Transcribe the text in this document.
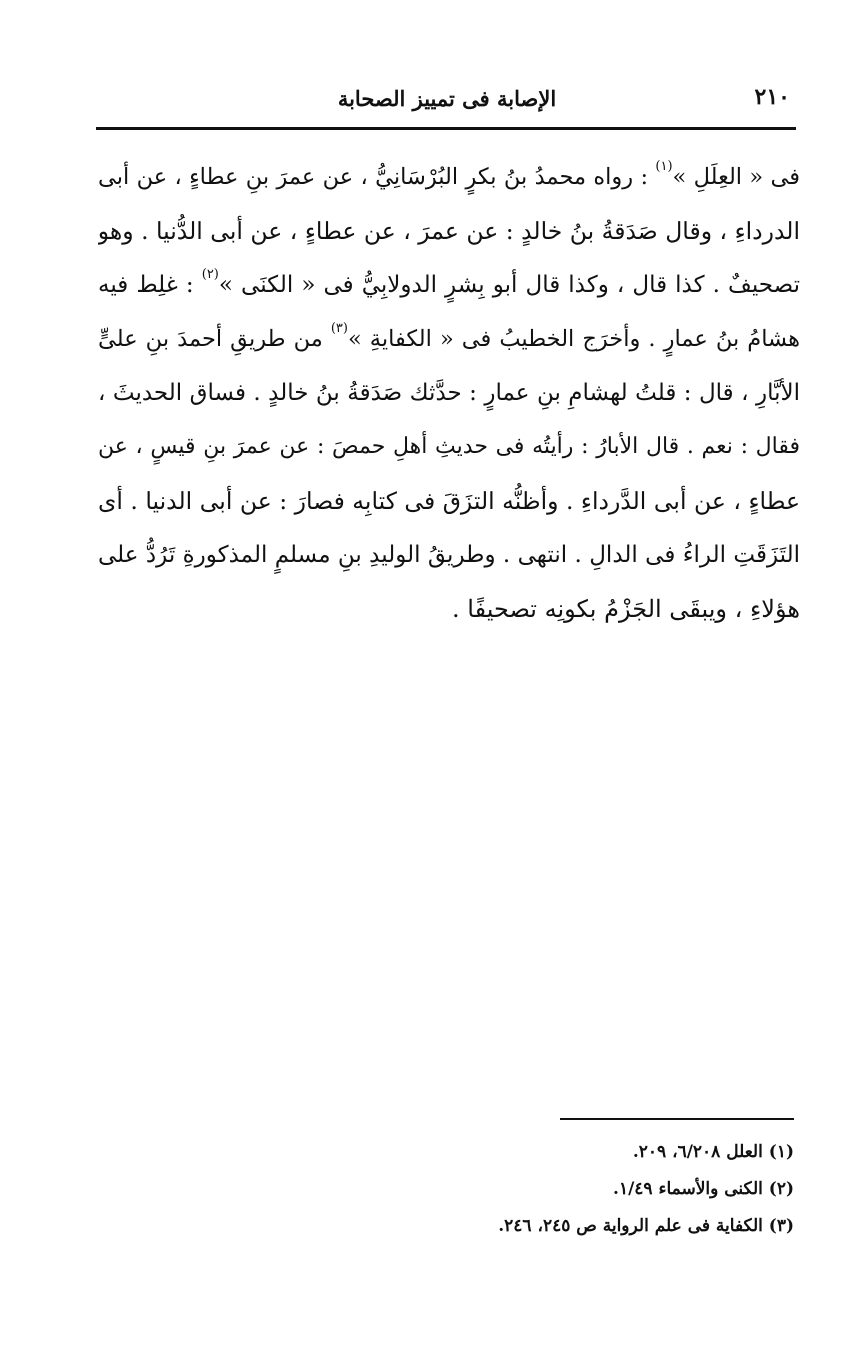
٢١٠
الإصابة فى تمييز الصحابة
فى « العِلَلِ »$^{(١)}$ : رواه محمدُ بنُ بكرٍ البُرْسَانِيُّ ، عن عمرَ بنِ عطاءٍ ، عن أبى
الدرداءِ ، وقال صَدَقةُ بنُ خالدٍ : عن عمرَ ، عن عطاءٍ ، عن أبى الدُّنيا . وهو
تصحيفٌ . كذا قال ، وكذا قال أبو بِشرٍ الدولابِيُّ فى « الكنَى »$^{(٢)}$ : غلِط فيه
هشامُ بنُ عمارٍ . وأخرَج الخطيبُ فى « الكفايةِ »$^{(٣)}$ من طريقِ أحمدَ بنِ علىٍّ
الأبَّارِ ، قال : قلتُ لهشامِ بنِ عمارٍ : حدَّثك صَدَقةُ بنُ خالدٍ . فساق الحديثَ ،
فقال : نعم . قال الأبارُ : رأيتُه فى حديثِ أهلِ حمصَ : عن عمرَ بنِ قيسٍ ، عن
عطاءٍ ، عن أبى الدَّرداءِ . وأظنُّه التزَقَ فى كتابِه فصارَ : عن أبى الدنيا . أى
التَزَقَتِ الراءُ فى الدالِ . انتهى . وطريقُ الوليدِ بنِ مسلمٍ المذكورةِ تَرُدُّ على
هؤلاءِ ، ويبقَى الجَزْمُ بكونِه تصحيفًا .
(١) العلل ٦/٢٠٨، ٢٠٩.
(٢) الكنى والأسماء ١/٤٩.
(٣) الكفاية فى علم الرواية ص ٢٤٥، ٢٤٦.
